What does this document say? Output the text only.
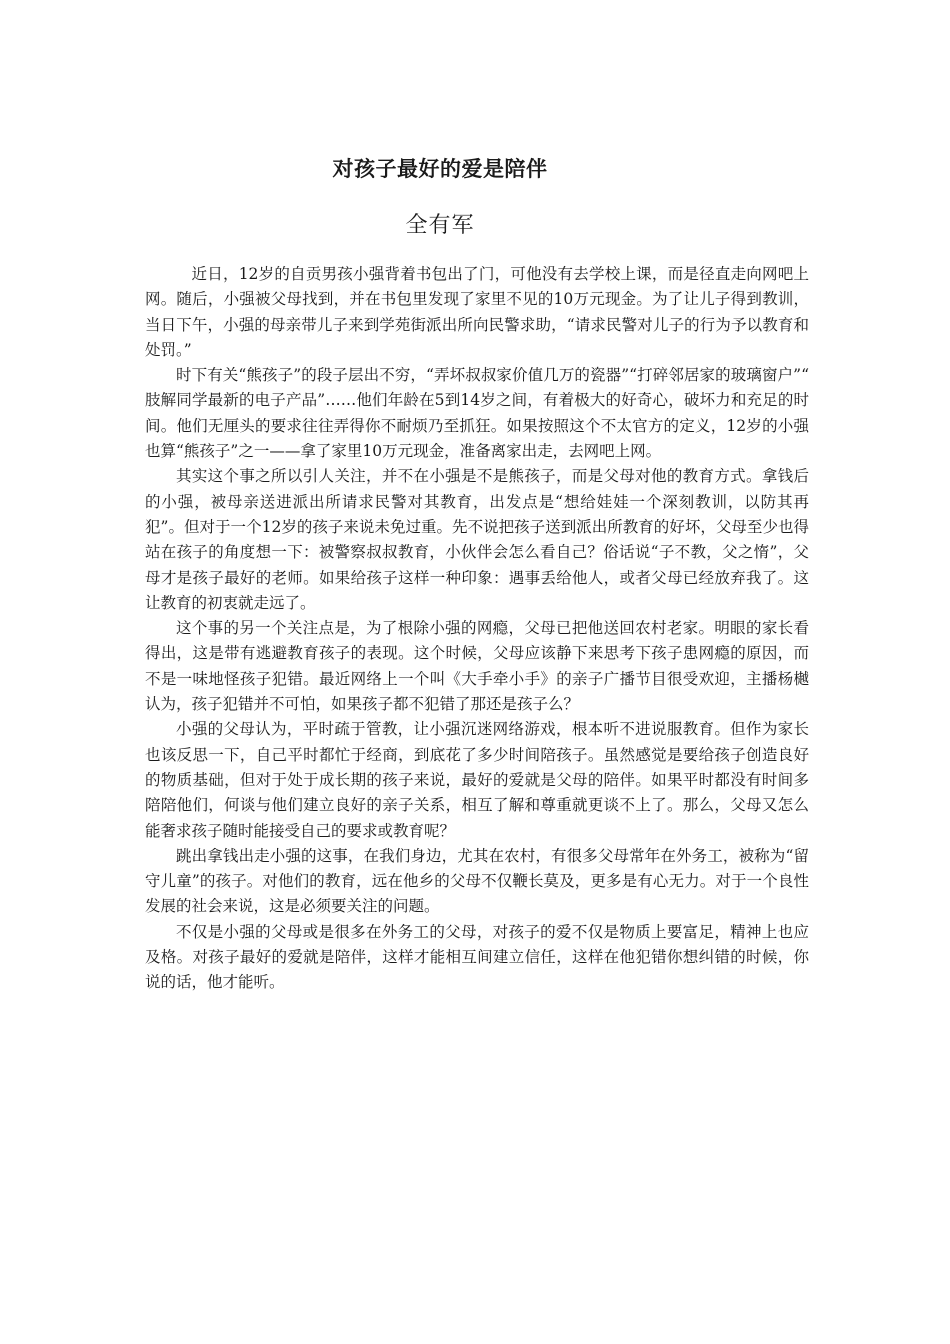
对孩子最好的爱是陪伴
全有军

近日，12岁的自贡男孩小强背着书包出了门，可他没有去学校上课，而是径直走向网吧上网。随后，小强被父母找到，并在书包里发现了家里不见的10万元现金。为了让儿子得到教训，当日下午，小强的母亲带儿子来到学苑街派出所向民警求助，“请求民警对儿子的行为予以教育和处罚。”

时下有关“熊孩子”的段子层出不穷，“弄坏叔叔家价值几万的瓷器”“打碎邻居家的玻璃窗户”“　肢解同学最新的电子产品”……他们年龄在5到14岁之间，有着极大的好奇心，破坏力和充足的时间。他们无厘头的要求往往弄得你不耐烦乃至抓狂。如果按照这个不太官方的定义，12岁的小强也算“熊孩子”之一——拿了家里10万元现金，准备离家出走，去网吧上网。

其实这个事之所以引人关注，并不在小强是不是熊孩子，而是父母对他的教育方式。拿钱后的小强，被母亲送进派出所请求民警对其教育，出发点是“想给娃娃一个深刻教训，以防其再犯”。但对于一个12岁的孩子来说未免过重。先不说把孩子送到派出所教育的好坏，父母至少也得站在孩子的角度想一下：被警察叔叔教育，小伙伴会怎么看自己？俗话说“子不教，父之惰”，父母才是孩子最好的老师。如果给孩子这样一种印象：遇事丢给他人，或者父母已经放弃我了。这让教育的初衷就走远了。

这个事的另一个关注点是，为了根除小强的网瘾，父母已把他送回农村老家。明眼的家长看得出，这是带有逃避教育孩子的表现。这个时候，父母应该静下来思考下孩子患网瘾的原因，而不是一味地怪孩子犯错。最近网络上一个叫《大手牵小手》的亲子广播节目很受欢迎，主播杨樾认为，孩子犯错并不可怕，如果孩子都不犯错了那还是孩子么？

小强的父母认为，平时疏于管教，让小强沉迷网络游戏，根本听不进说服教育。但作为家长也该反思一下，自己平时都忙于经商，到底花了多少时间陪孩子。虽然感觉是要给孩子创造良好的物质基础，但对于处于成长期的孩子来说，最好的爱就是父母的陪伴。如果平时都没有时间多陪陪他们，何谈与他们建立良好的亲子关系，相互了解和尊重就更谈不上了。那么，父母又怎么能奢求孩子随时能接受自己的要求或教育呢？

跳出拿钱出走小强的这事，在我们身边，尤其在农村，有很多父母常年在外务工，被称为“留守儿童”的孩子。对他们的教育，远在他乡的父母不仅鞭长莫及，更多是有心无力。对于一个良性发展的社会来说，这是必须要关注的问题。

不仅是小强的父母或是很多在外务工的父母，对孩子的爱不仅是物质上要富足，精神上也应及格。对孩子最好的爱就是陪伴，这样才能相互间建立信任，这样在他犯错你想纠错的时候，你说的话，他才能听。
